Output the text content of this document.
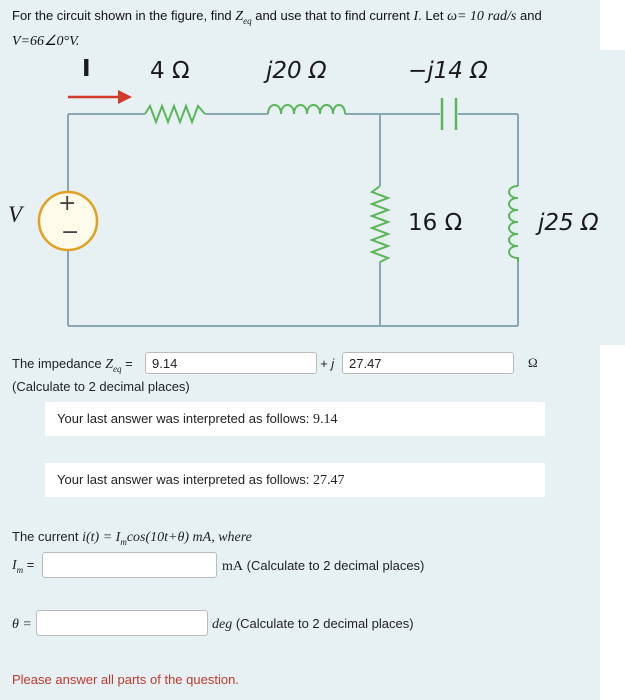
For the circuit shown in the figure, find $Z_{eq}$ and use that to find current I. Let ω= 10 rad/s and
V=66∠0°V.
I	4 Ω	j20 Ω	−j14 Ω
16 Ω	j25 Ω
V +
−
The impedance $Z_{eq}$ =
9.14	+ j
27.47	Ω
(Calculate to 2 decimal places)
Your last answer was interpreted as follows: 9.14
Your last answer was interpreted as follows: 27.47
The current $i(t) = I_m\cos(10t+\theta)$ mA, where
$I_m$ =	mA (Calculate to 2 decimal places)
θ =	deg (Calculate to 2 decimal places)
Please answer all parts of the question.
